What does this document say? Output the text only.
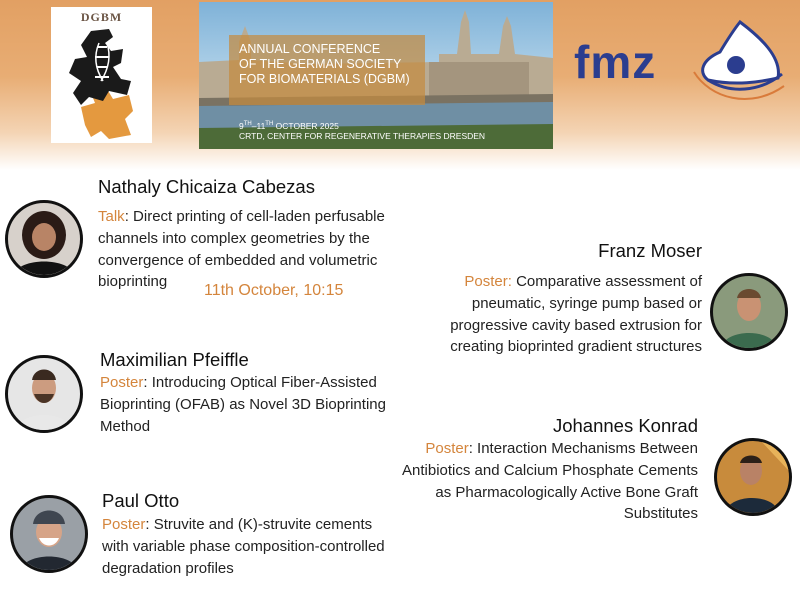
DGBM
ANNUAL CONFERENCE
OF THE GERMAN SOCIETY
FOR BIOMATERIALS (DGBM)
9TH–11TH OCTOBER 2025
CRTD, CENTER FOR REGENERATIVE THERAPIES DRESDEN
fmz
Nathaly Chicaiza Cabezas
Talk: Direct printing of cell-laden perfusable channels into complex geometries by the convergence of embedded and volumetric bioprinting
11th October, 10:15
Franz Moser
Poster: Comparative assessment of pneumatic, syringe pump based or progressive cavity based extrusion for creating bioprinted gradient structures
Maximilian Pfeiffle
Poster: Introducing Optical Fiber-Assisted Bioprinting (OFAB) as Novel 3D Bioprinting Method	Johannes Konrad
Poster: Interaction Mechanisms Between Antibiotics and Calcium Phosphate Cements as Pharmacologically Active Bone Graft Substitutes
Paul Otto
Poster: Struvite and (K)-struvite cements with variable phase composition-controlled degradation profiles
